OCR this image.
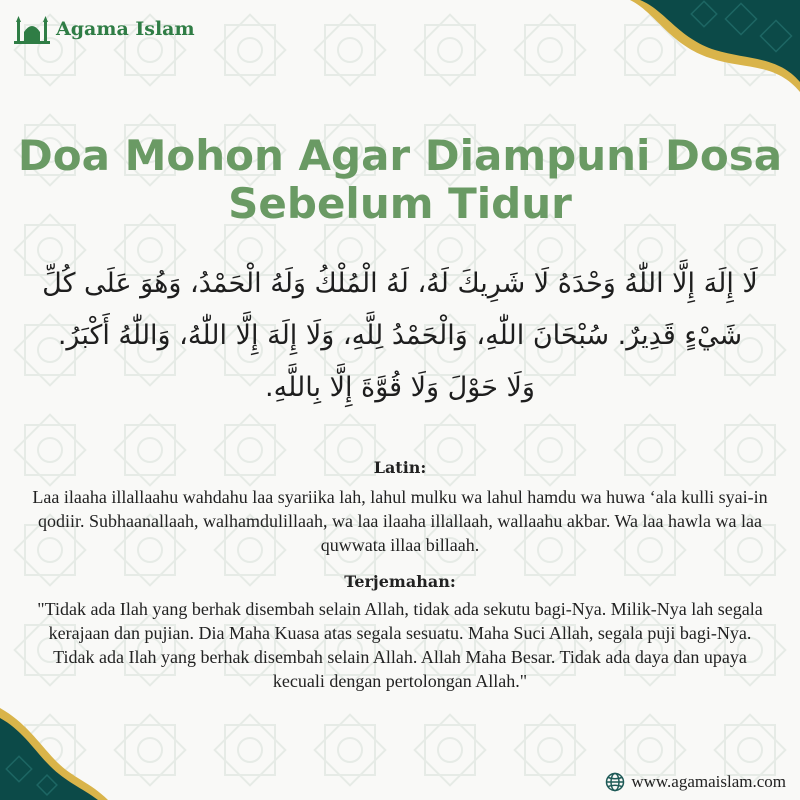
Agama Islam
Doa Mohon Agar Diampuni Dosa
Sebelum Tidur
لَا إِلَهَ إِلَّا اللّٰهُ وَحْدَهُ لَا شَرِيكَ لَهُ، لَهُ الْمُلْكُ وَلَهُ الْحَمْدُ، وَهُوَ عَلَى كُلِّ شَيْءٍ قَدِيرٌ. سُبْحَانَ اللّٰهِ، وَالْحَمْدُ لِلَّهِ، وَلَا إِلَهَ إِلَّا اللّٰهُ، وَاللّٰهُ أَكْبَرُ. وَلَا حَوْلَ وَلَا قُوَّةَ إِلَّا بِاللَّهِ.
Latin:
Laa ilaaha illallaahu wahdahu laa syariika lah, lahul mulku wa lahul hamdu wa huwa ‘ala kulli syai-in qodiir. Subhaanallaah, walhamdulillaah, wa laa ilaaha illallaah, wallaahu akbar. Wa laa hawla wa laa quwwata illaa billaah.
Terjemahan:
"Tidak ada Ilah yang berhak disembah selain Allah, tidak ada sekutu bagi-Nya. Milik-Nya lah segala kerajaan dan pujian. Dia Maha Kuasa atas segala sesuatu. Maha Suci Allah, segala puji bagi-Nya. Tidak ada Ilah yang berhak disembah selain Allah. Allah Maha Besar. Tidak ada daya dan upaya kecuali dengan pertolongan Allah."
www.agamaislam.com
